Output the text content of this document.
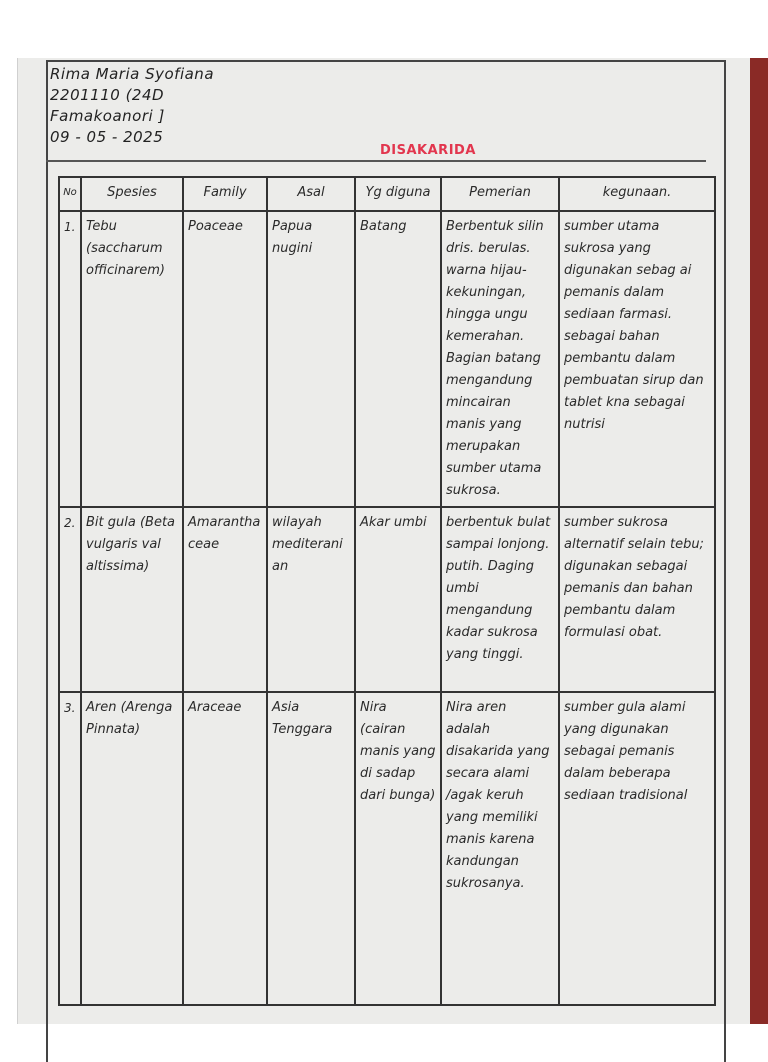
Rima Maria Syofiana
2201110 (24D
Famakoanori ]
09 - 05 - 2025
DISAKARIDA
No	Spesies	Family	Asal	Yg diguna	Pemerian	kegunaan.
1.	Tebu (saccharum officinarem)	Poaceae	Papua nugini	Batang	Berbentuk silin dris. berulas. warna hijau-kekuningan, hingga ungu kemerahan. Bagian batang mengandung mincairan manis yang merupakan sumber utama sukrosa.	sumber utama sukrosa yang digunakan sebag ai pemanis dalam sediaan farmasi. sebagai bahan pembantu dalam pembuatan sirup dan tablet kna sebagai nutrisi
2.	Bit gula (Beta vulgaris val altissima)	Amaranthaceae	wilayah mediteranian	Akar umbi	berbentuk bulat sampai lonjong. putih. Daging umbi mengandung kadar sukrosa yang tinggi.	sumber sukrosa alternatif selain tebu; digunakan sebagai pemanis dan bahan pembantu dalam formulasi obat.
3.	Aren (Arenga Pinnata)	Araceae	Asia Tenggara	Nira (cairan manis yang di sadap dari bunga)	Nira aren adalah disakarida yang secara alami /agak keruh yang memiliki manis karena kandungan sukrosanya.	sumber gula alami yang digunakan sebagai pemanis dalam beberapa sediaan tradisional
